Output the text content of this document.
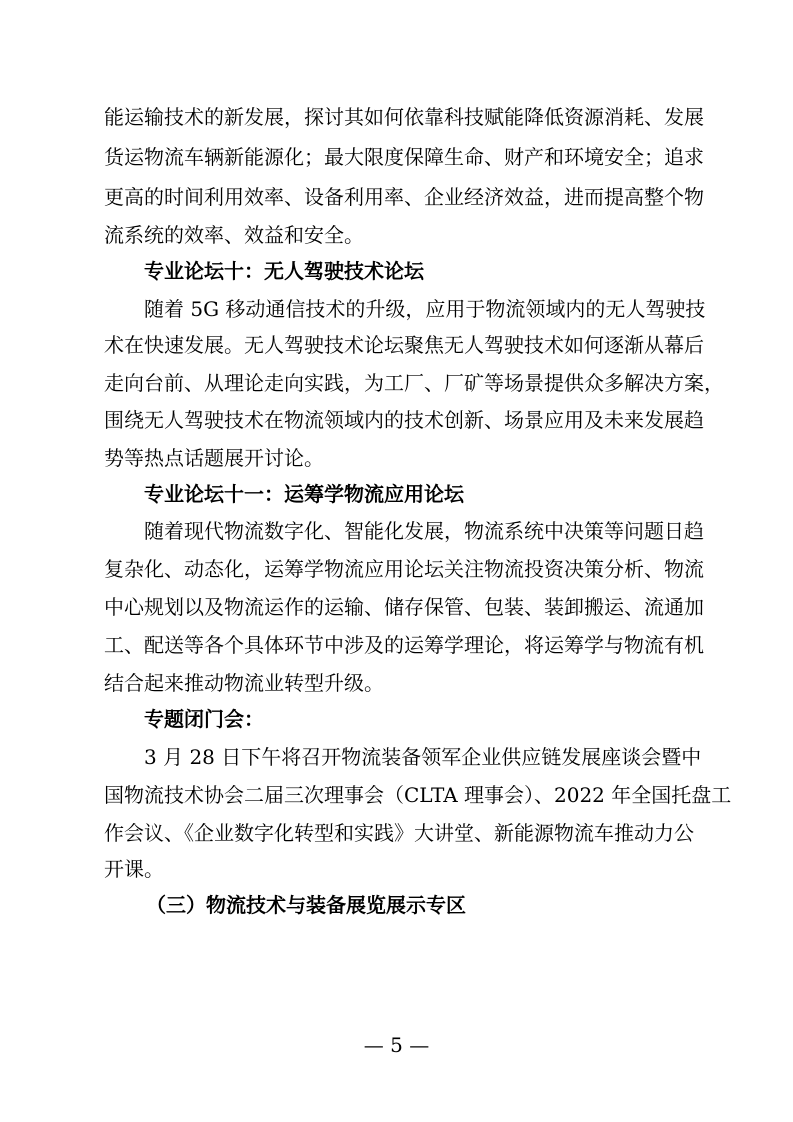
能运输技术的新发展，探讨其如何依靠科技赋能降低资源消耗、发展
货运物流车辆新能源化；最大限度保障生命、财产和环境安全；追求
更高的时间利用效率、设备利用率、企业经济效益，进而提高整个物
流系统的效率、效益和安全。
专业论坛十：无人驾驶技术论坛
随着 5G 移动通信技术的升级，应用于物流领域内的无人驾驶技
术在快速发展。无人驾驶技术论坛聚焦无人驾驶技术如何逐渐从幕后
走向台前、从理论走向实践，为工厂、厂矿等场景提供众多解决方案，
围绕无人驾驶技术在物流领域内的技术创新、场景应用及未来发展趋
势等热点话题展开讨论。
专业论坛十一：运筹学物流应用论坛
随着现代物流数字化、智能化发展，物流系统中决策等问题日趋
复杂化、动态化，运筹学物流应用论坛关注物流投资决策分析、物流
中心规划以及物流运作的运输、储存保管、包装、装卸搬运、流通加
工、配送等各个具体环节中涉及的运筹学理论，将运筹学与物流有机
结合起来推动物流业转型升级。
专题闭门会：
3 月 28 日下午将召开物流装备领军企业供应链发展座谈会暨中
国物流技术协会二届三次理事会（CLTA 理事会）、2022 年全国托盘工
作会议、《企业数字化转型和实践》大讲堂、新能源物流车推动力公
开课。
（三）物流技术与装备展览展示专区
— 5 —
